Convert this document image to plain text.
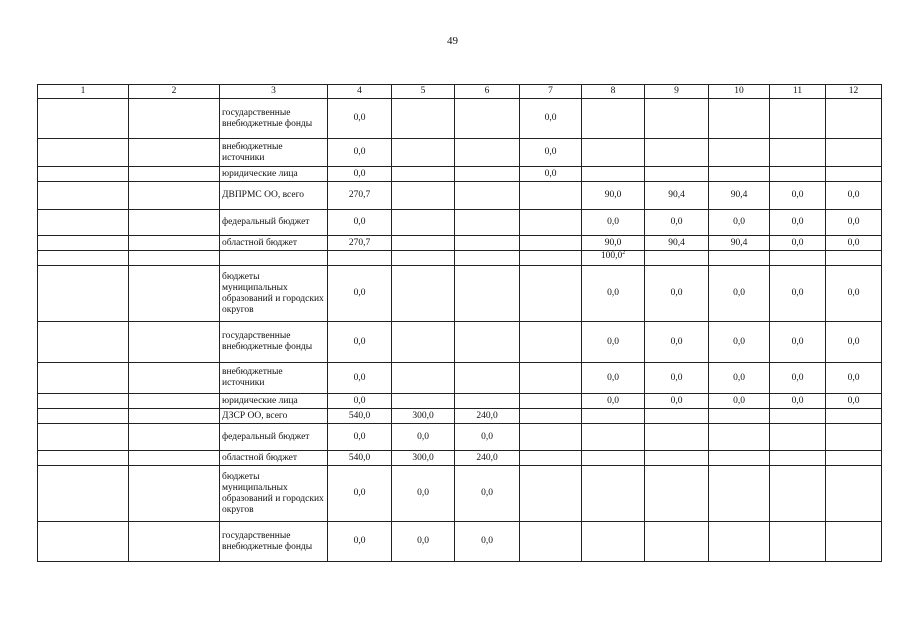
49
1	2	3	4	5	6	7	8	9	10	11	12
		государственные внебюджетные фонды	0,0			0,0					
		внебюджетные источники	0,0			0,0					
		юридические лица	0,0			0,0					
		ДВПРМС ОО, всего	270,7				90,0	90,4	90,4	0,0	0,0
		федеральный бюджет	0,0				0,0	0,0	0,0	0,0	0,0
		областной бюджет	270,7				90,0	90,4	90,4	0,0	0,0
							100,0$^2$				
		бюджеты муниципальных образований и городских округов	0,0				0,0	0,0	0,0	0,0	0,0
		государственные внебюджетные фонды	0,0				0,0	0,0	0,0	0,0	0,0
		внебюджетные источники	0,0				0,0	0,0	0,0	0,0	0,0
		юридические лица	0,0				0,0	0,0	0,0	0,0	0,0
		ДЗСР ОО, всего	540,0	300,0	240,0						
		федеральный бюджет	0,0	0,0	0,0						
		областной бюджет	540,0	300,0	240,0						
		бюджеты муниципальных образований и городских округов	0,0	0,0	0,0						
		государственные внебюджетные фонды	0,0	0,0	0,0						
